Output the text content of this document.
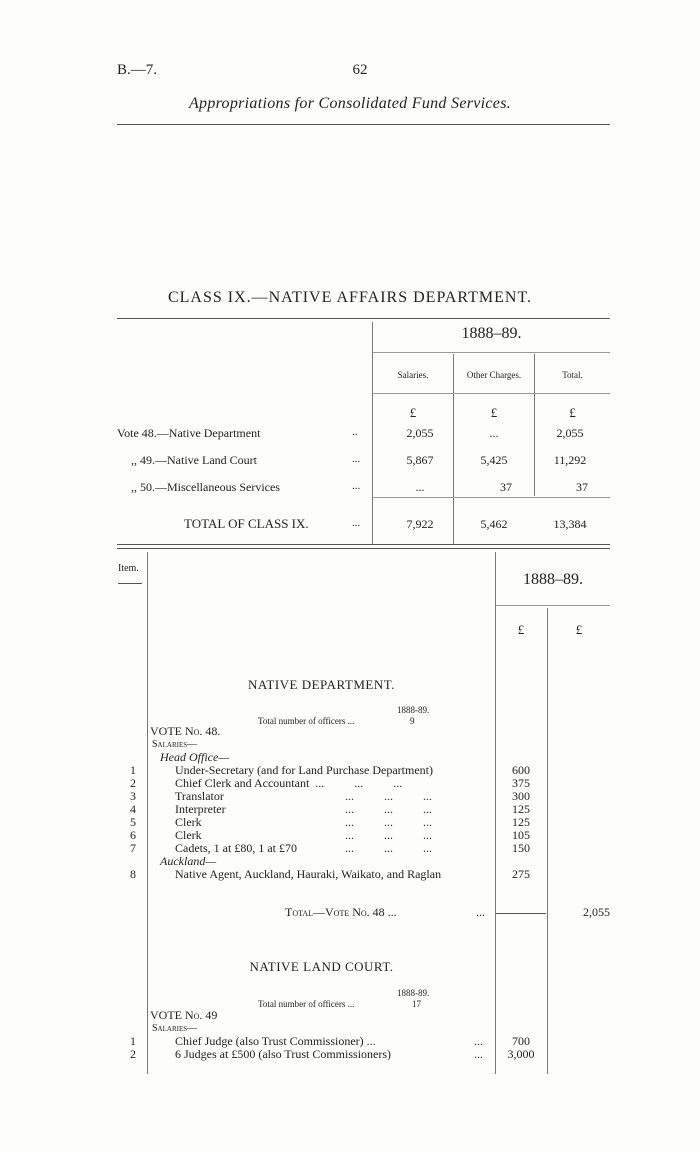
B.—7.	62
Appropriations for Consolidated Fund Services.
CLASS IX.—NATIVE AFFAIRS DEPARTMENT.
1888–89.
Salaries.	Other Charges.	Total.
£	£	£
Vote 48.—Native Department	..	2,055	...	2,055
,, 49.—Native Land Court	...	5,867	5,425	11,292
,, 50.—Miscellaneous Services	...	...	37	37
TOTAL OF CLASS IX.	...	7,922	5,462	13,384
Item.
1888–89.
£	£
NATIVE DEPARTMENT.
1888-89.
Total number of officers ...	9
VOTE No. 48.
Salaries—
Head Office—
1	Under-Secretary (and for Land Purchase Department)	600
2	Chief Clerk and Accountant  ...          ...          ...	375
3	Translator	...          ...          ...	300
4	Interpreter	...          ...          ...	125
5	Clerk	...          ...          ...	125
6	Clerk	...          ...          ...	105
7	Cadets, 1 at £80, 1 at £70	...          ...          ...	150
Auckland—
8	Native Agent, Auckland, Hauraki, Waikato, and Raglan	275
Total—Vote No. 48 ...	...	2,055
NATIVE LAND COURT.
1888-89.
Total number of officers ...	17
VOTE No. 49
Salaries—
1	Chief Judge (also Trust Commissioner) ...	...	700
2	6 Judges at £500 (also Trust Commissioners)	...	3,000
